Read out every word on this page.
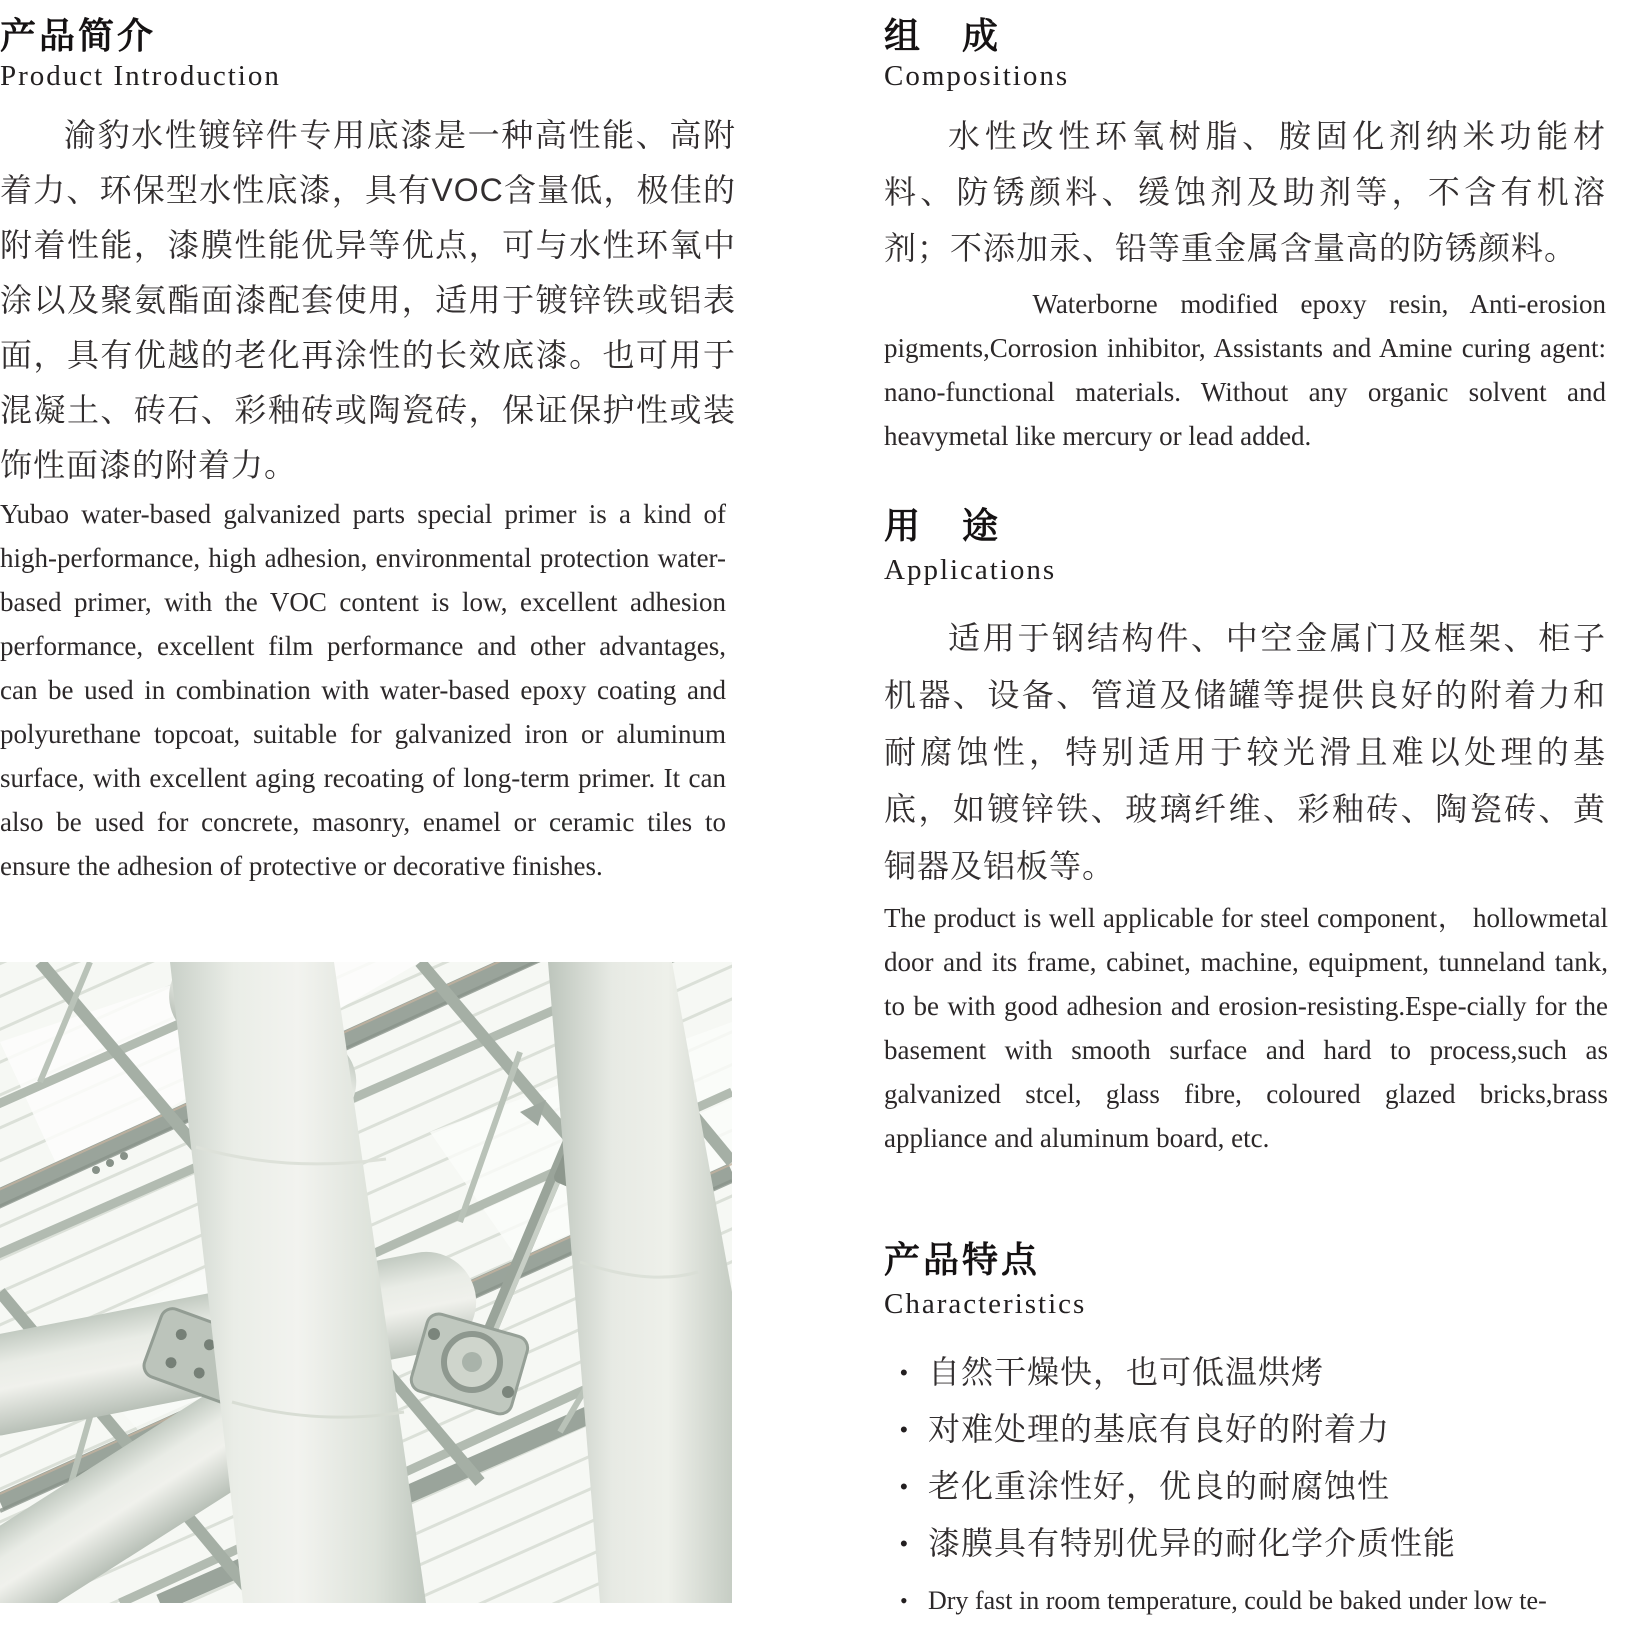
产品简介
Product Introduction

渝豹水性镀锌件专用底漆是一种高性能、高附着力、环保型水性底漆，具有VOC含量低，极佳的附着性能，漆膜性能优异等优点，可与水性环氧中涂以及聚氨酯面漆配套使用，适用于镀锌铁或铝表面，具有优越的老化再涂性的长效底漆。也可用于混凝土、砖石、彩釉砖或陶瓷砖，保证保护性或装饰性面漆的附着力。

Yubao water-based galvanized parts special primer is a kind of high-performance, high adhesion, environmental protection water-based primer, with the VOC content is low, excellent adhesion performance, excellent film performance and other advantages, can be used in combination with water-based epoxy coating and polyurethane topcoat, suitable for galvanized iron or aluminum surface, with excellent aging recoating of long-term primer. It can also be used for concrete, masonry, enamel or ceramic tiles to ensure the adhesion of protective or decorative finishes.

组　成
Compositions

水性改性环氧树脂、胺固化剂纳米功能材料、防锈颜料、缓蚀剂及助剂等，不含有机溶剂；不添加汞、铅等重金属含量高的防锈颜料。

Waterborne modified epoxy resin, Anti-erosion pigments,Corrosion inhibitor, Assistants and Amine curing agent: nano-functional materials. Without any organic solvent and heavymetal like mercury or lead added.

用　途
Applications

适用于钢结构件、中空金属门及框架、柜子机器、设备、管道及储罐等提供良好的附着力和耐腐蚀性，特别适用于较光滑且难以处理的基底，如镀锌铁、玻璃纤维、彩釉砖、陶瓷砖、黄铜器及铝板等。

The product is well applicable for steel component， hollowmetal door and its frame, cabinet, machine, equipment, tunneland tank, to be with good adhesion and erosion-resisting.Espe-cially for the basement with smooth surface and hard to process,such as galvanized stcel, glass fibre, coloured glazed bricks,brass appliance and aluminum board, etc.

产品特点
Characteristics
• 自然干燥快，也可低温烘烤
• 对难处理的基底有良好的附着力
• 老化重涂性好，优良的耐腐蚀性
• 漆膜具有特别优异的耐化学介质性能
• Dry fast in room temperature, could be baked under low te-
